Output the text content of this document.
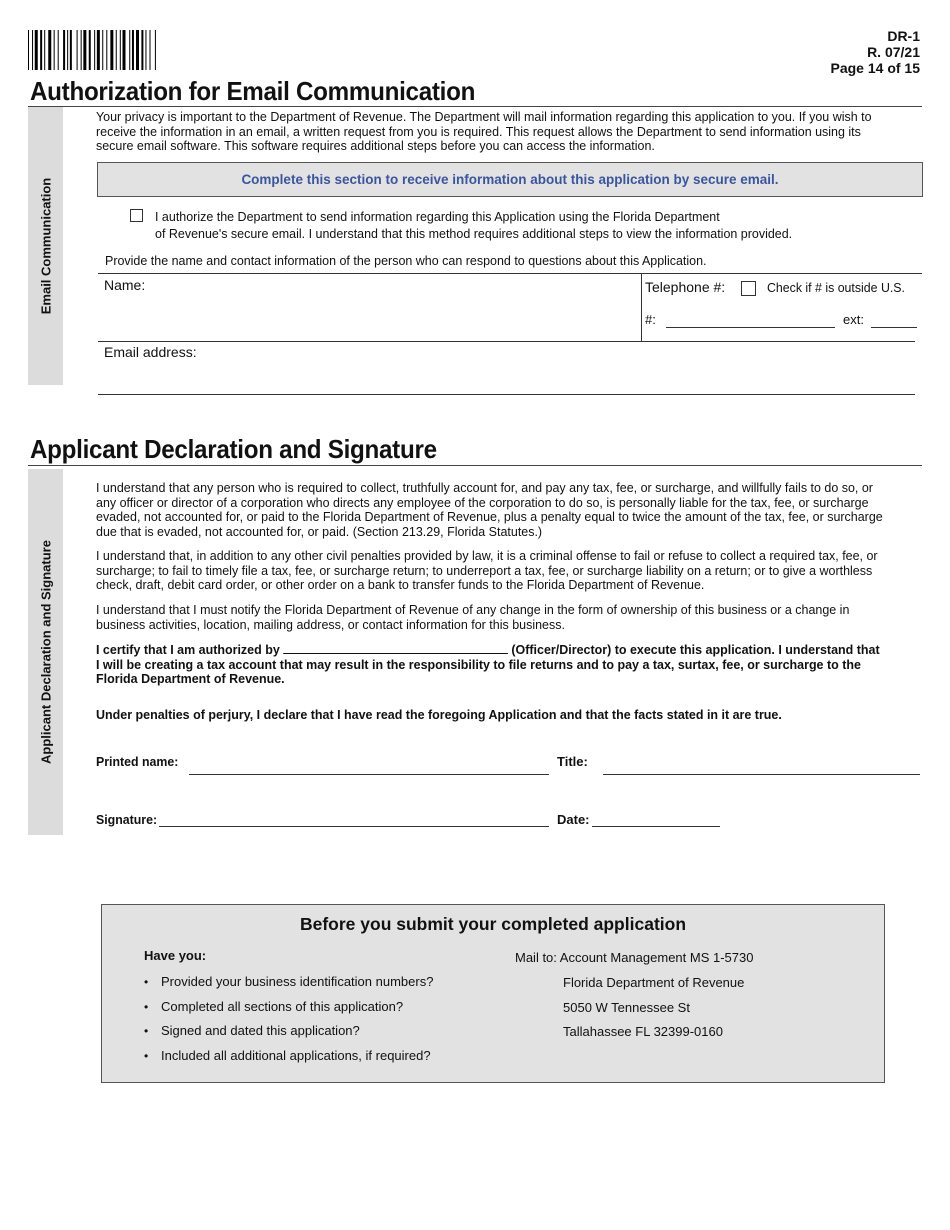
DR-1
R. 07/21
Page 14 of 15
Authorization for Email Communication
Email Communication
Your privacy is important to the Department of Revenue. The Department will mail information regarding this application to you. If you wish to receive the information in an email, a written request from you is required. This request allows the Department to send information using its secure email software. This software requires additional steps before you can access the information.
Complete this section to receive information about this application by secure email.
I authorize the Department to send information regarding this Application using the Florida Department
of Revenue's secure email. I understand that this method requires additional steps to view the information provided.
Provide the name and contact information of the person who can respond to questions about this Application.
Name:	Telephone #:	Check if # is outside U.S.
#:	ext:
Email address:
Applicant Declaration and Signature
Applicant Declaration and Signature
I understand that any person who is required to collect, truthfully account for, and pay any tax, fee, or surcharge, and willfully fails to do so, or any officer or director of a corporation who directs any employee of the corporation to do so, is personally liable for the tax, fee, or surcharge evaded, not accounted for, or paid to the Florida Department of Revenue, plus a penalty equal to twice the amount of the tax, fee, or surcharge due that is evaded, not accounted for, or paid. (Section 213.29, Florida Statutes.)
I understand that, in addition to any other civil penalties provided by law, it is a criminal offense to fail or refuse to collect a required tax, fee, or surcharge; to fail to timely file a tax, fee, or surcharge return; to underreport a tax, fee, or surcharge liability on a return; or to give a worthless check, draft, debit card order, or other order on a bank to transfer funds to the Florida Department of Revenue.
I understand that I must notify the Florida Department of Revenue of any change in the form of ownership of this business or a change in business activities, location, mailing address, or contact information for this business.
I certify that I am authorized by	(Officer/Director) to execute this application. I understand that I will be creating a tax account that may result in the responsibility to file returns and to pay a tax, surtax, fee, or surcharge to the Florida Department of Revenue.
Under penalties of perjury, I declare that I have read the foregoing Application and that the facts stated in it are true.
Printed name:	Title:
Signature:	Date:
Before you submit your completed application
Have you:
• Provided your business identification numbers?
• Completed all sections of this application?
• Signed and dated this application?
• Included all additional applications, if required?
Mail to: Account Management MS 1-5730
Florida Department of Revenue
5050 W Tennessee St
Tallahassee FL 32399-0160
